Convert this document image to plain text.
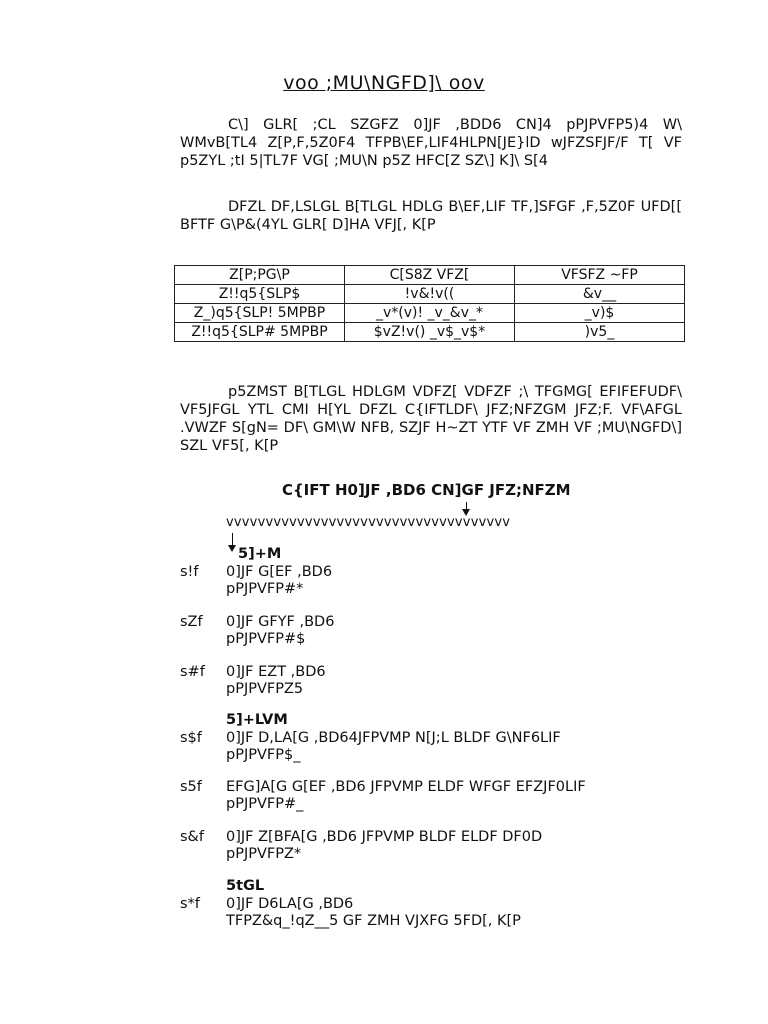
voo ;MU\NGFD]\ oov

C\] GLR[ ;CL SZGFZ 0]JF ,BDD6 CN]4 pPJPVFP5)4 W\ WMvB[TL4 Z[P,F,5Z0F4 TFPB\EF,LIF4HLPN[JE}lD wJFZSFJF/F T[ VF p5ZYL ;tI 5|TL7F VG[ ;MU\N p5Z HFC[Z SZ\] K]\ S[4

DFZL DF,LSLGL B[TLGL HDLG B\EF,LIF TF,]SFGF ,F,5Z0F UFD[[ BFTF G\P&(4YL GLR[ D]HA VFJ[, K[P

Z[P;PG\P	C[S8Z VFZ[	VFSFZ ~FP
Z!!q5{SLP$	!v&!v((	&v__
Z_)q5{SLP! 5MPBP	_v*(v)! _v_&v_*	_v)$
Z!!q5{SLP# 5MPBP	$vZ!v() _v$_v$*	)v5_

p5ZMST B[TLGL HDLGM VDFZ[ VDFZF ;\ TFGMG[ EFIFEFUDF\ VF5JFGL YTL CMI H[YL DFZL C{IFTLDF\ JFZ;NFZGM JFZ;F. VF\AFGL .VWZF S[gN= DF\ GM\W NFB, SZJF H~ZT YTF VF ZMH VF ;MU\NGFD\] SZL VF5[, K[P

C{IFT H0]JF ,BD6 CN]GF JFZ;NFZM
vvvvvvvvvvvvvvvvvvvvvvvvvvvvvvvvvvvv
5]+M
s!f 0]JF G[EF ,BD6
pPJPVFP#*
sZf 0]JF GFYF ,BD6
pPJPVFP#$
s#f 0]JF EZT ,BD6
pPJPVFPZ5
5]+LVM
s$f 0]JF D,LA[G ,BD64JFPVMP N[J;L BLDF G\NF6LIF
pPJPVFP$_
s5f EFG]A[G G[EF ,BD6 JFPVMP ELDF WFGF EFZJF0LIF
pPJPVFP#_
s&f 0]JF Z[BFA[G ,BD6 JFPVMP BLDF ELDF DF0D
pPJPVFPZ*
5tGL
s*f 0]JF D6LA[G ,BD6
TFPZ&q_!qZ__5 GF ZMH VJXFG 5FD[, K[P
